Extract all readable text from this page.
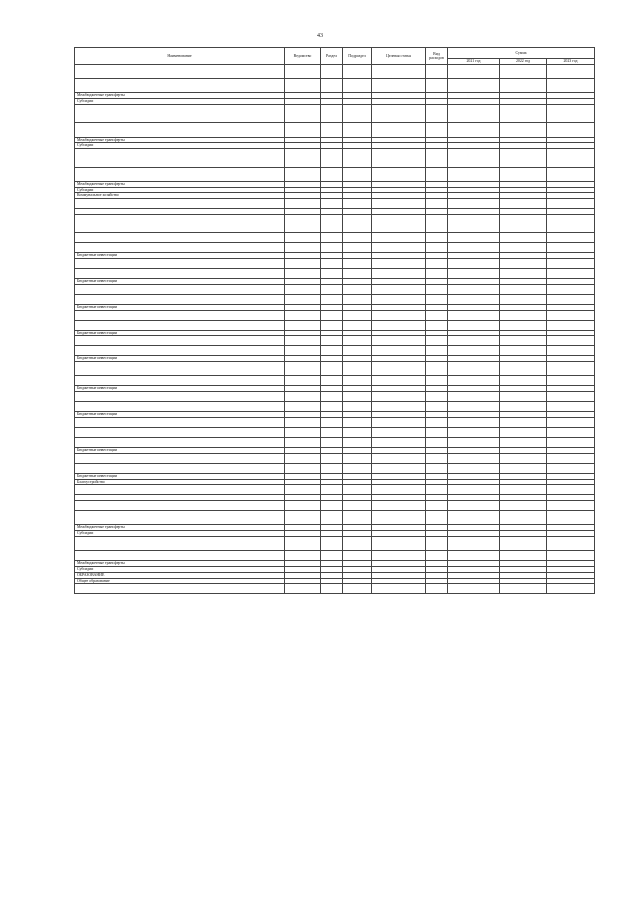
43
Наименование	Ведомство	Раздел	Подраздел	Целевая статья	Вид расходов	Сумма		
						2021 год	2022 год	2023 год

Межбюджетные трансферты								
Субсидии								

Межбюджетные трансферты								
Субсидии								

Межбюджетные трансферты								
Субсидии								
Коммунальное хозяйство								

Бюджетные инвестиции								

Бюджетные инвестиции								

Бюджетные инвестиции								

Бюджетные инвестиции								

Бюджетные инвестиции								

Бюджетные инвестиции								

Бюджетные инвестиции								

Бюджетные инвестиции								

Бюджетные инвестиции								
Благоустройство								

Межбюджетные трансферты								
Субсидии								

Межбюджетные трансферты								
Субсидии								
ОБРАЗОВАНИЕ								
Общее образование								
